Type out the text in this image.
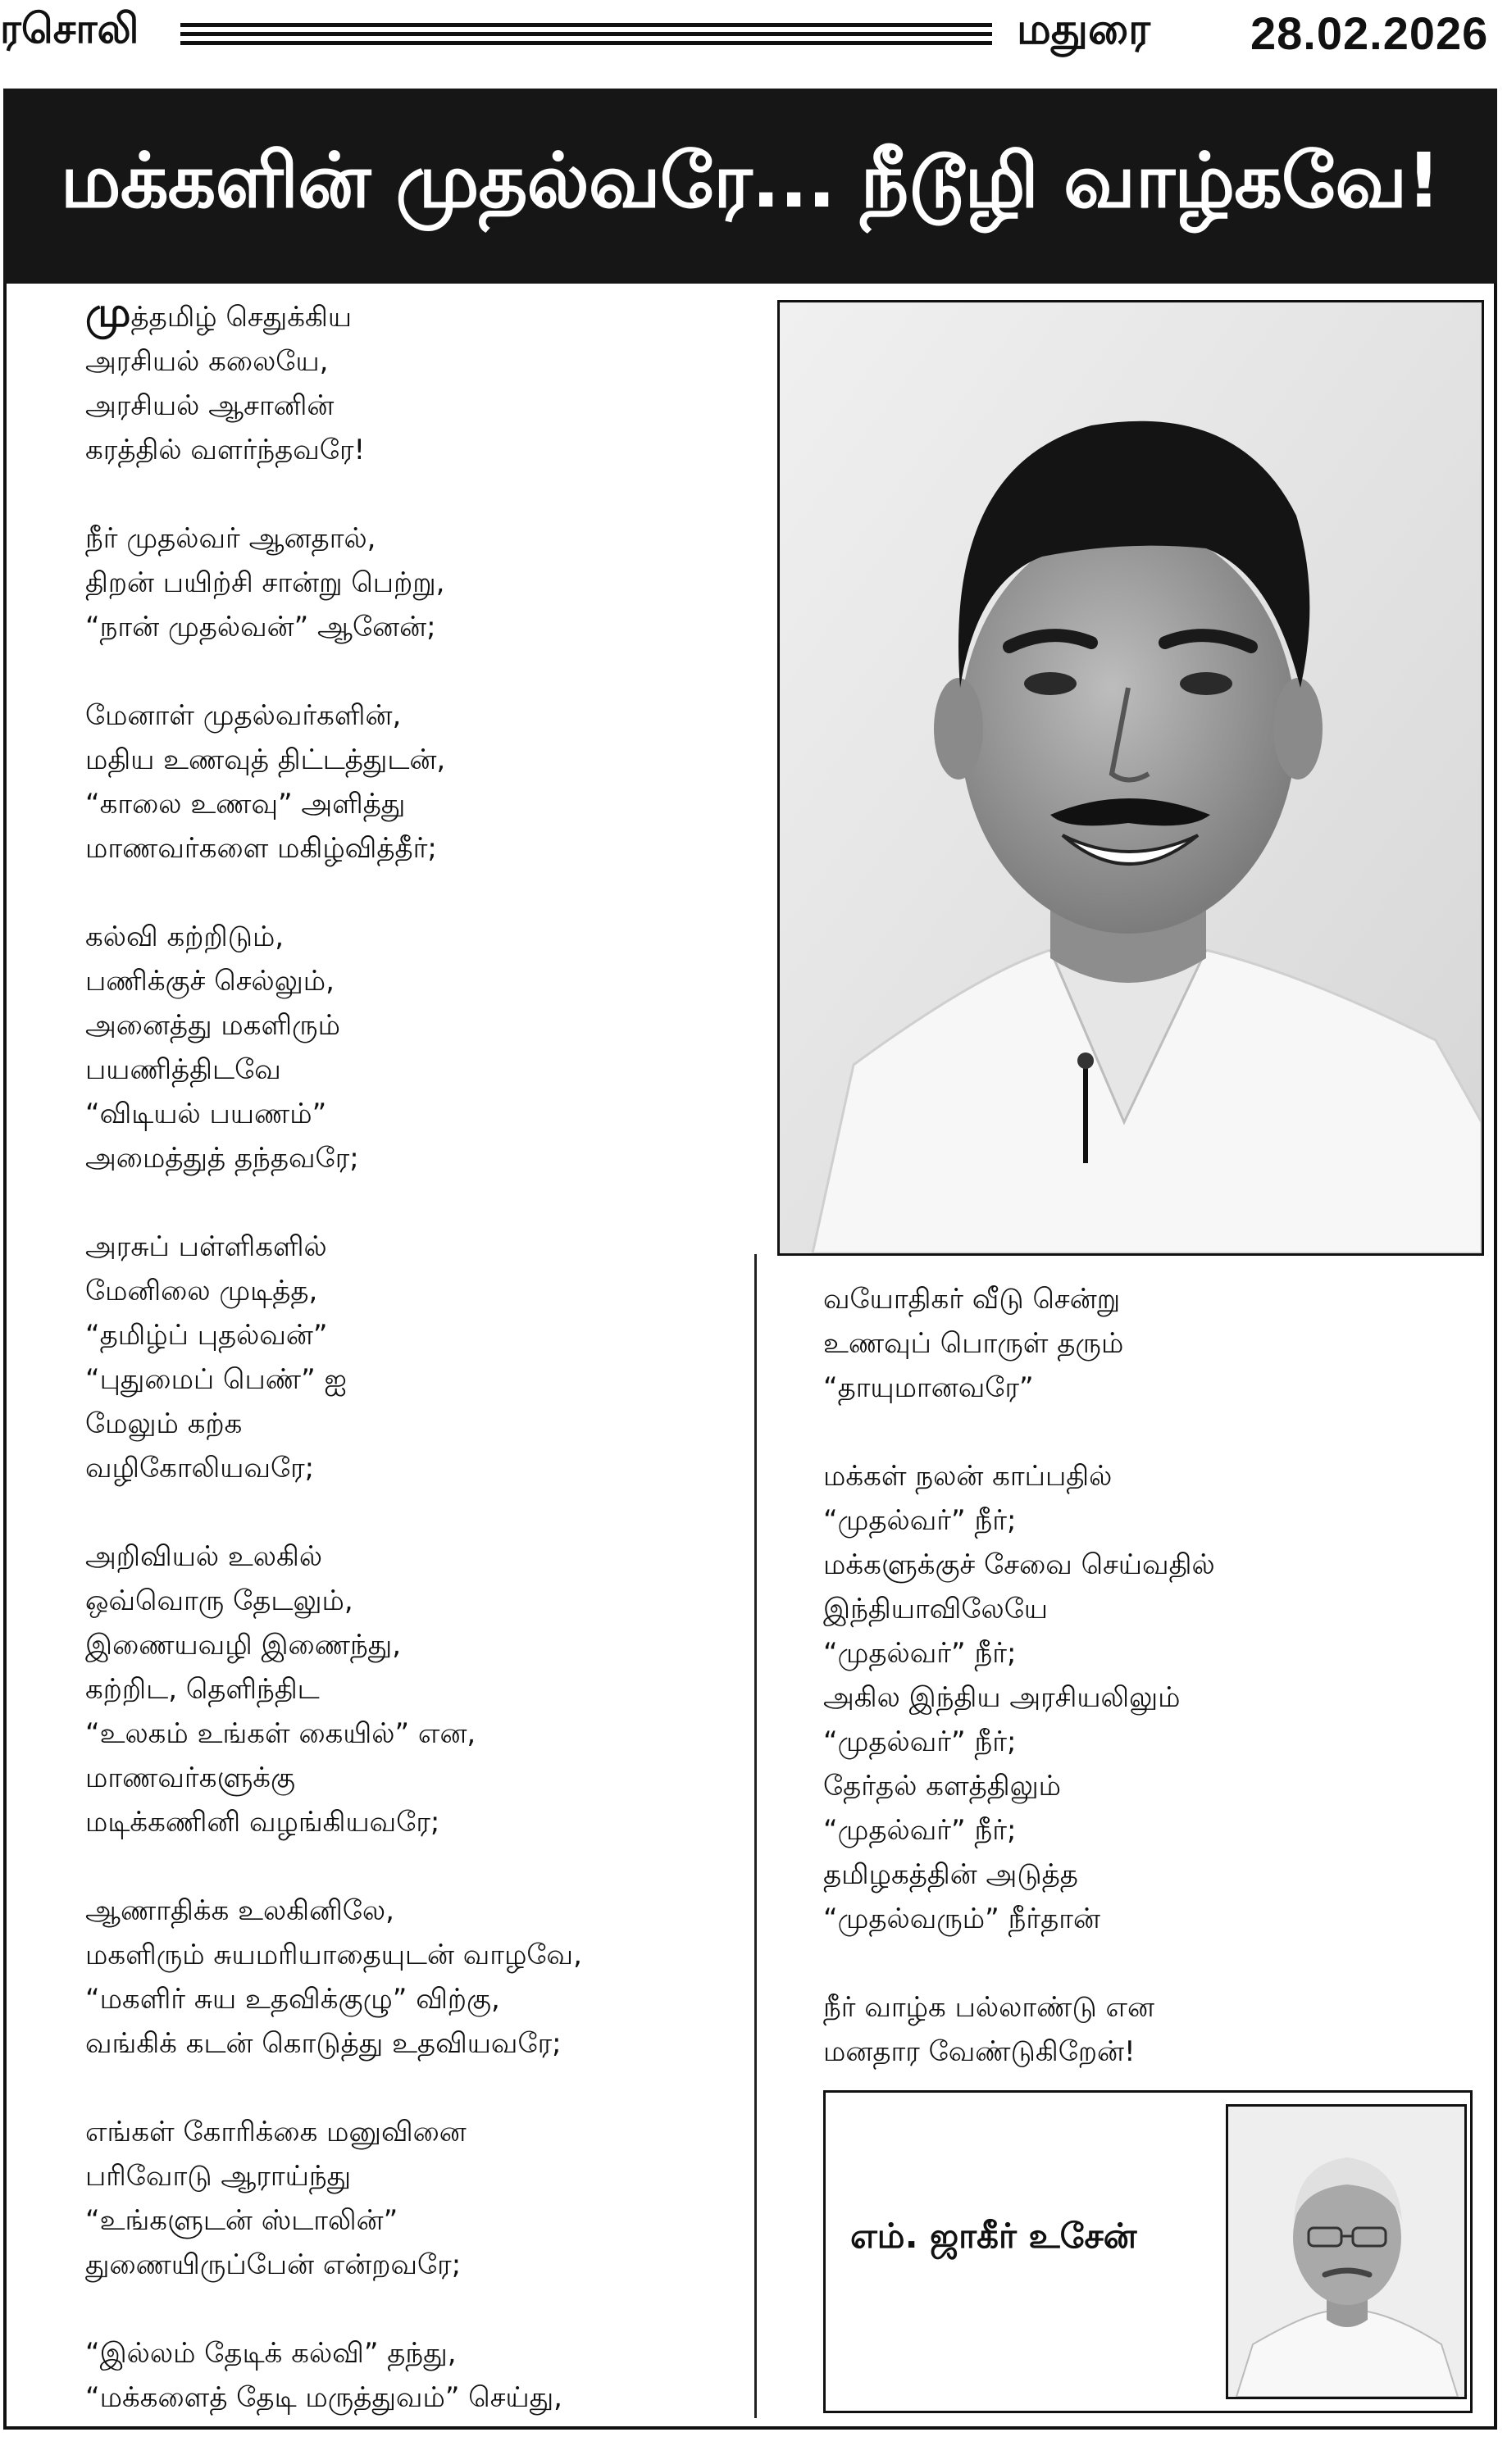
ரசொலி	மதுரை 28.02.2026
மக்களின் முதல்வரே... நீடூழி வாழ்கவே!
முத்தமிழ் செதுக்கிய
அரசியல் கலையே,
அரசியல் ஆசானின்
கரத்தில் வளர்ந்தவரே!
நீர் முதல்வர் ஆனதால்,
திறன் பயிற்சி சான்று பெற்று,
“நான் முதல்வன்” ஆனேன்;
மேனாள் முதல்வர்களின்,
மதிய உணவுத் திட்டத்துடன்,
“காலை உணவு” அளித்து
மாணவர்களை மகிழ்வித்தீர்;
கல்வி கற்றிடும்,
பணிக்குச் செல்லும்,
அனைத்து மகளிரும்
பயணித்திடவே
“விடியல் பயணம்”
அமைத்துத் தந்தவரே;
அரசுப் பள்ளிகளில்
மேனிலை முடித்த,
“தமிழ்ப் புதல்வன்”
“புதுமைப் பெண்” ஐ
மேலும் கற்க
வழிகோலியவரே;
அறிவியல் உலகில்
ஒவ்வொரு தேடலும்,
இணையவழி இணைந்து,
கற்றிட, தெளிந்திட
“உலகம் உங்கள் கையில்” என,
மாணவர்களுக்கு
மடிக்கணினி வழங்கியவரே;
ஆணாதிக்க உலகினிலே,
மகளிரும் சுயமரியாதையுடன் வாழவே,
“மகளிர் சுய உதவிக்குழு” விற்கு,
வங்கிக் கடன் கொடுத்து உதவியவரே;
எங்கள் கோரிக்கை மனுவினை
பரிவோடு ஆராய்ந்து
“உங்களுடன் ஸ்டாலின்”
துணையிருப்பேன் என்றவரே;
“இல்லம் தேடிக் கல்வி” தந்து,
“மக்களைத் தேடி மருத்துவம்” செய்து,
வயோதிகர் வீடு சென்று
உணவுப் பொருள் தரும்
“தாயுமானவரே”
மக்கள் நலன் காப்பதில்
“முதல்வர்” நீர்;
மக்களுக்குச் சேவை செய்வதில்
இந்தியாவிலேயே
“முதல்வர்” நீர்;
அகில இந்திய அரசியலிலும்
“முதல்வர்” நீர்;
தேர்தல் களத்திலும்
“முதல்வர்” நீர்;
தமிழகத்தின் அடுத்த
“முதல்வரும்” நீர்தான்
நீர் வாழ்க பல்லாண்டு என
மனதார வேண்டுகிறேன்!
எம். ஜாகீர் உசேன்
